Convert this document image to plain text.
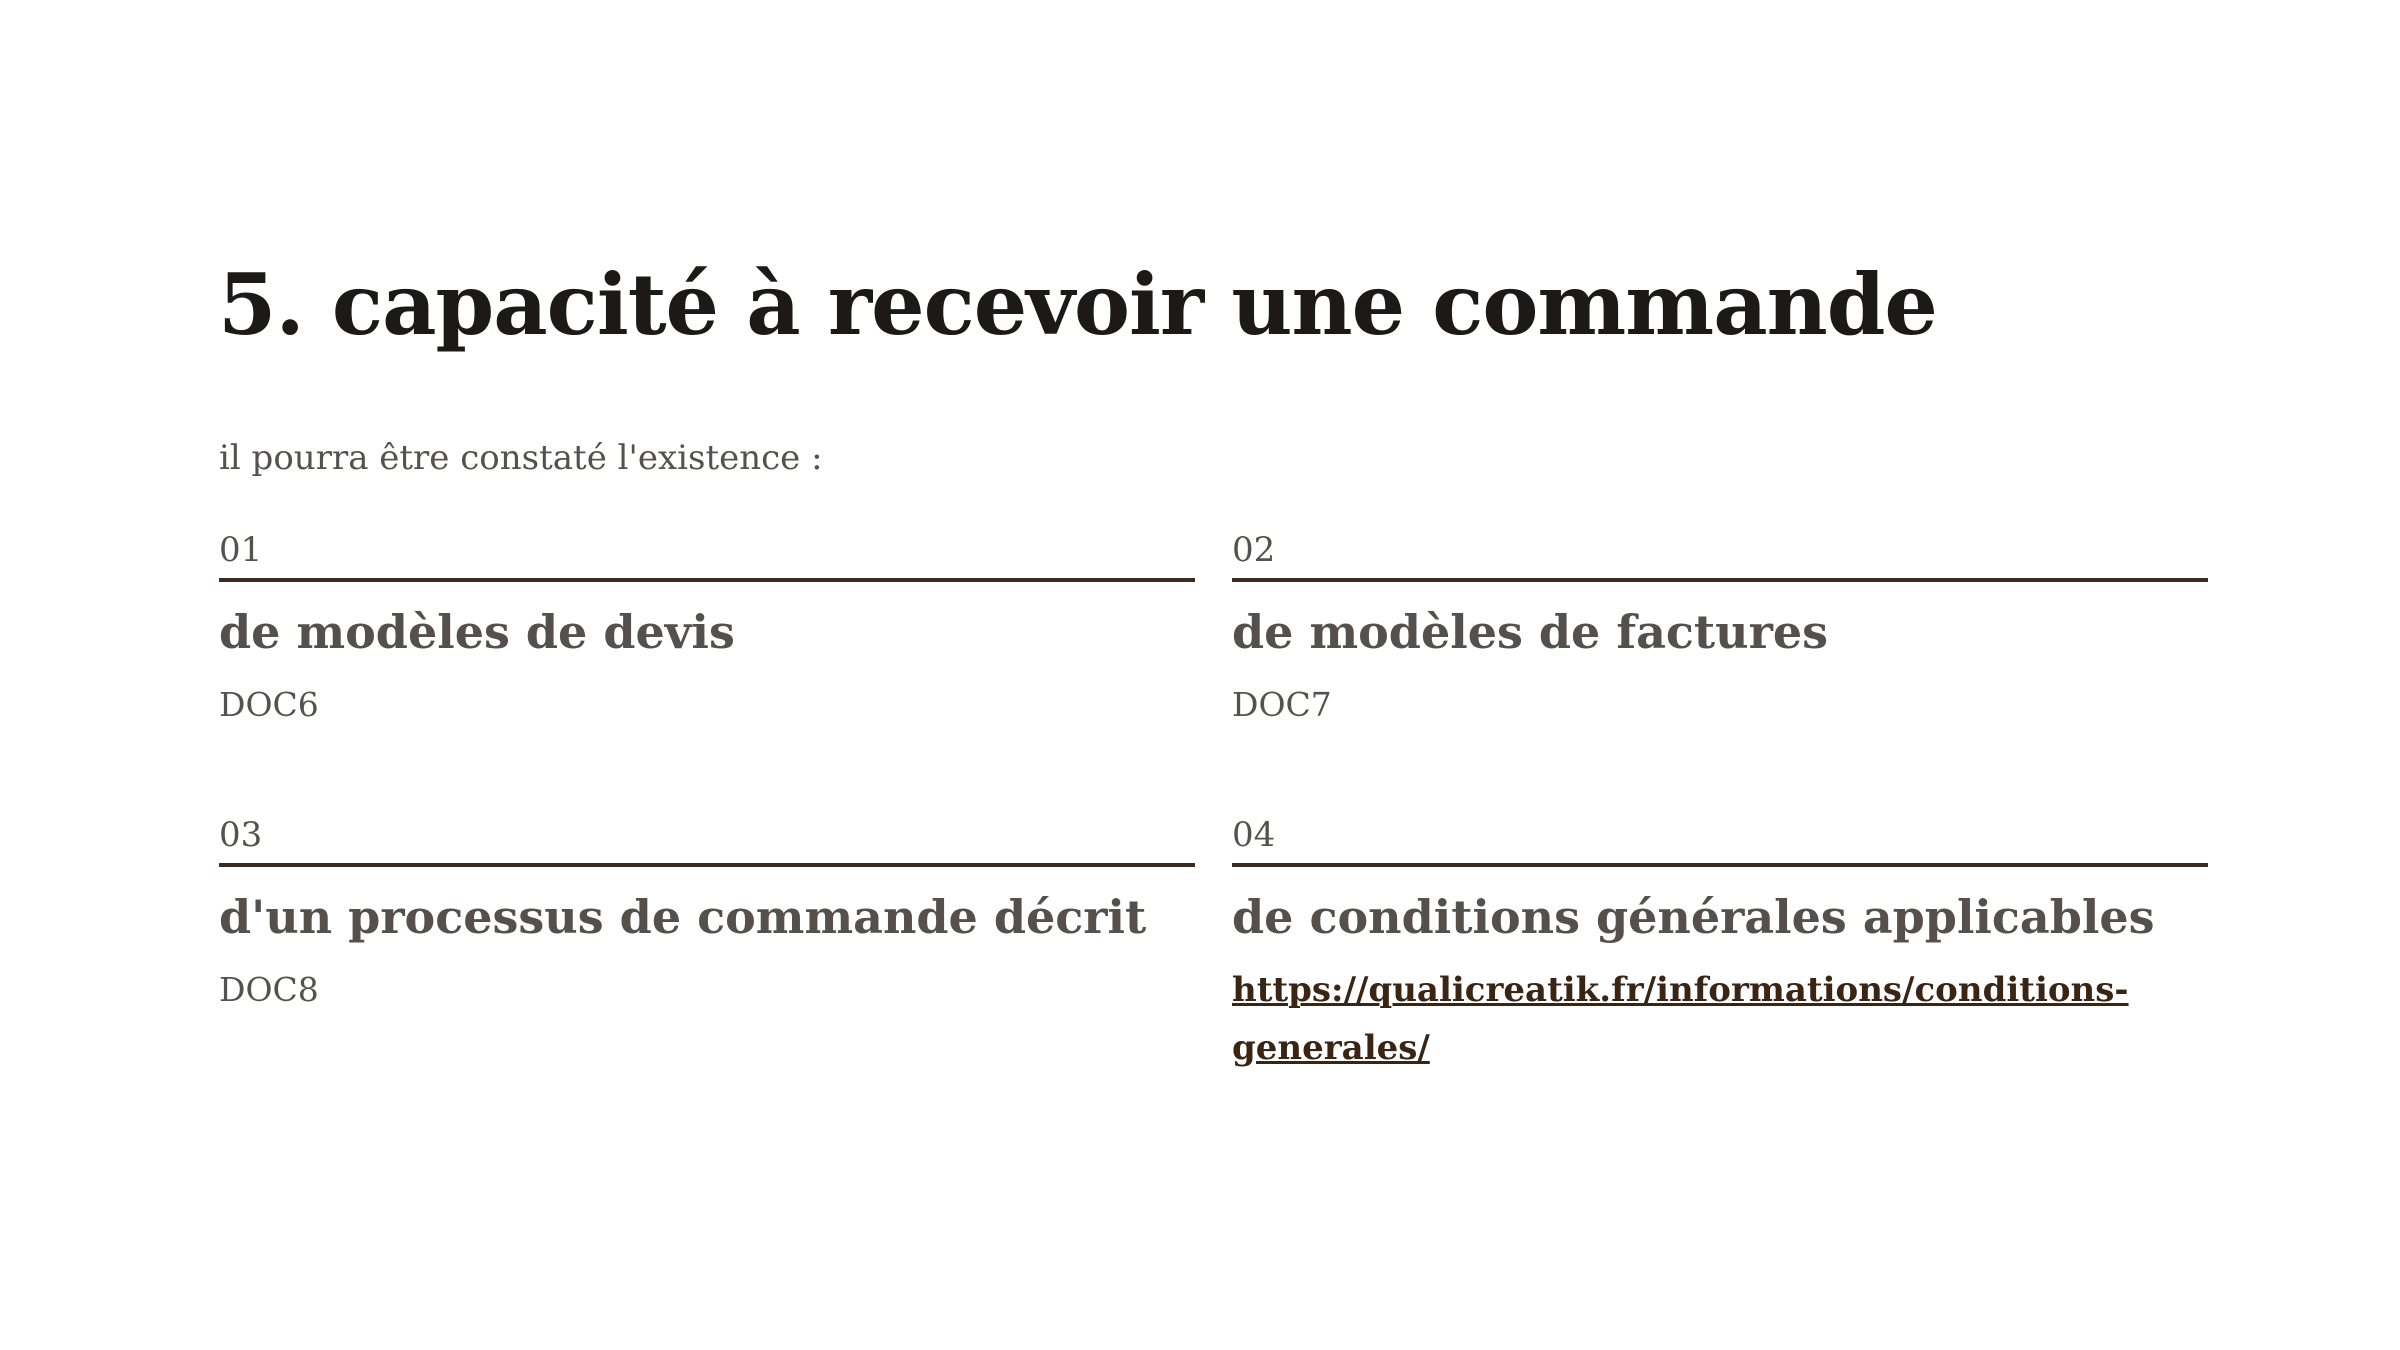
5. capacité à recevoir une commande

il pourra être constaté l'existence :

01
de modèles de devis
DOC6
02
de modèles de factures
DOC7
03
d'un processus de commande décrit
DOC8
04
de conditions générales applicables
https://qualicreatik.fr/informations/conditions-
generales/
